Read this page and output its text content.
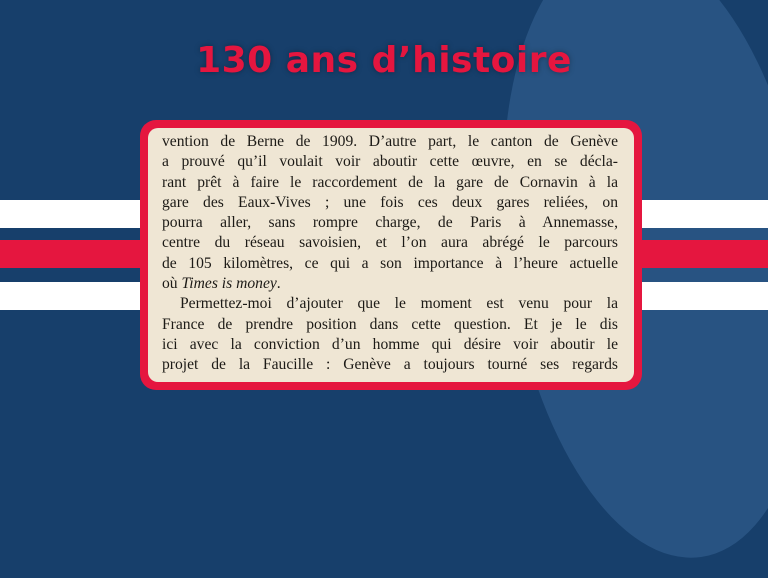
130 ans d’histoire
vention de Berne de 1909. D’autre part, le canton de Genève
a prouvé qu’il voulait voir aboutir cette œuvre, en se décla-
rant prêt à faire le raccordement de la gare de Cornavin à la
gare des Eaux-Vives ; une fois ces deux gares reliées, on
pourra aller, sans rompre charge, de Paris à Annemasse,
centre du réseau savoisien, et l’on aura abrégé le parcours
de 105 kilomètres, ce qui a son importance à l’heure actuelle
où Times is money.
Permettez-moi d’ajouter que le moment est venu pour la
France de prendre position dans cette question. Et je le dis
ici avec la conviction d’un homme qui désire voir aboutir le
projet de la Faucille : Genève a toujours tourné ses regards
